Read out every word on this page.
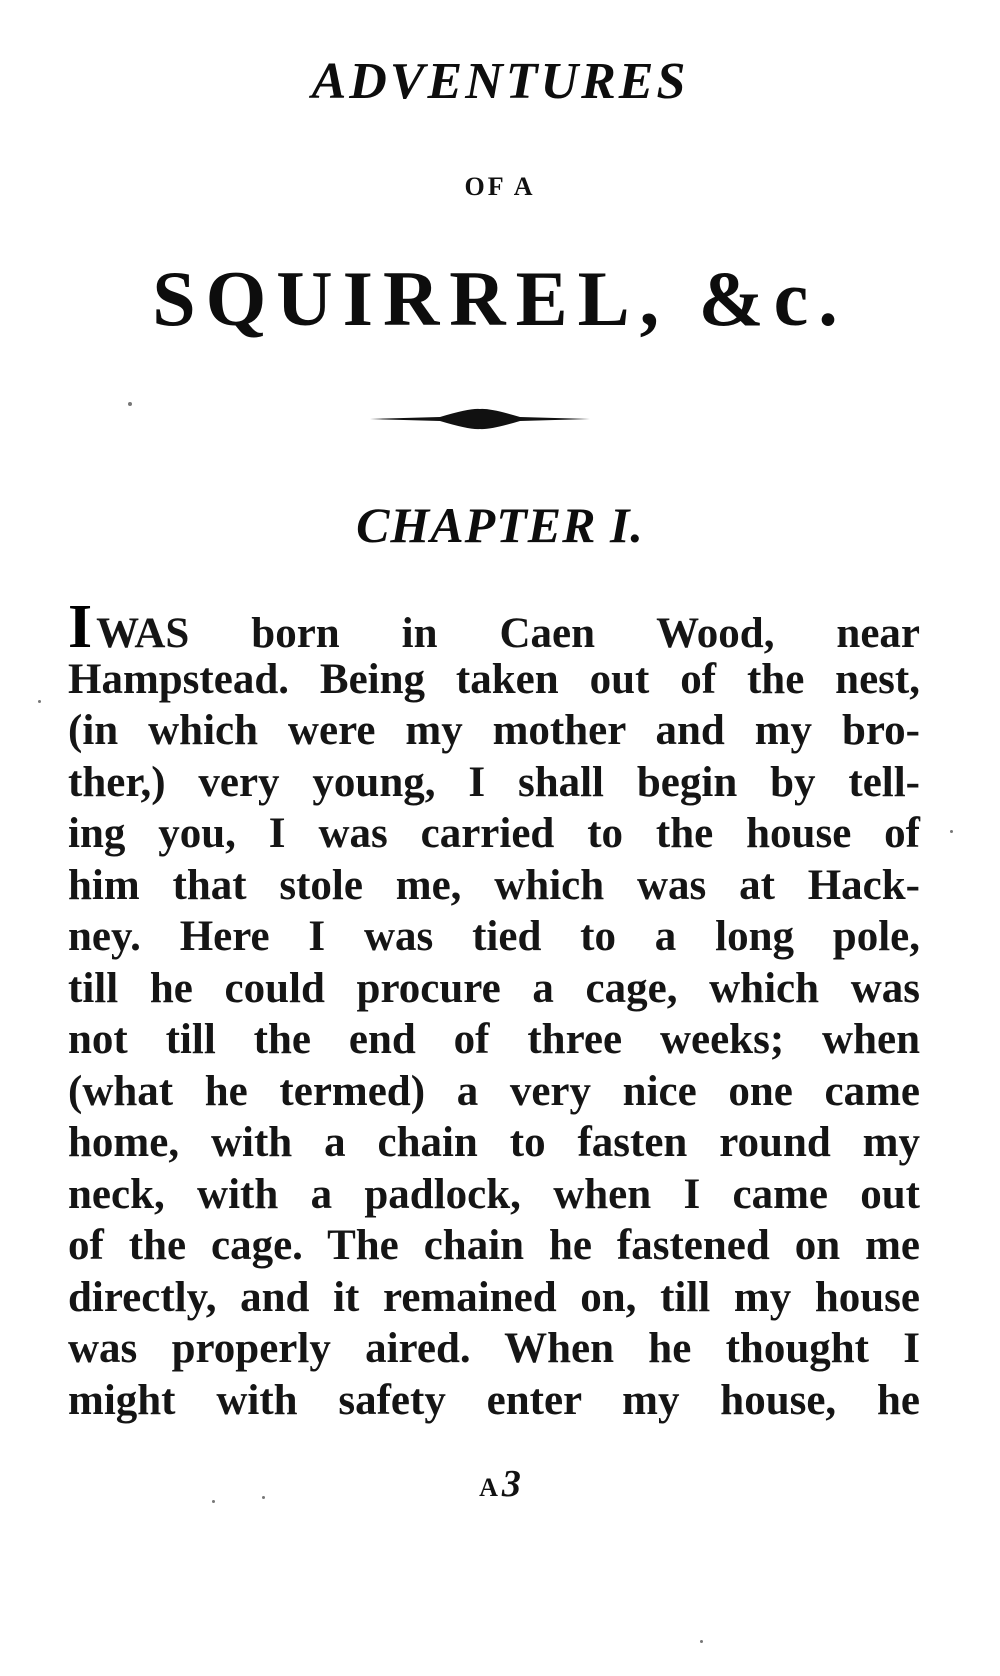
ADVENTURES
OF A
SQUIRREL, &c.
CHAPTER I.
IWAS born in Caen Wood, near
Hampstead. Being taken out of the nest,
(in which were my mother and my bro-
ther,) very young, I shall begin by tell-
ing you, I was carried to the house of
him that stole me, which was at Hack-
ney. Here I was tied to a long pole,
till he could procure a cage, which was
not till the end of three weeks; when
(what he termed) a very nice one came
home, with a chain to fasten round my
neck, with a padlock, when I came out
of the cage. The chain he fastened on me
directly, and it remained on, till my house
was properly aired. When he thought I
might with safety enter my house, he
A 3
